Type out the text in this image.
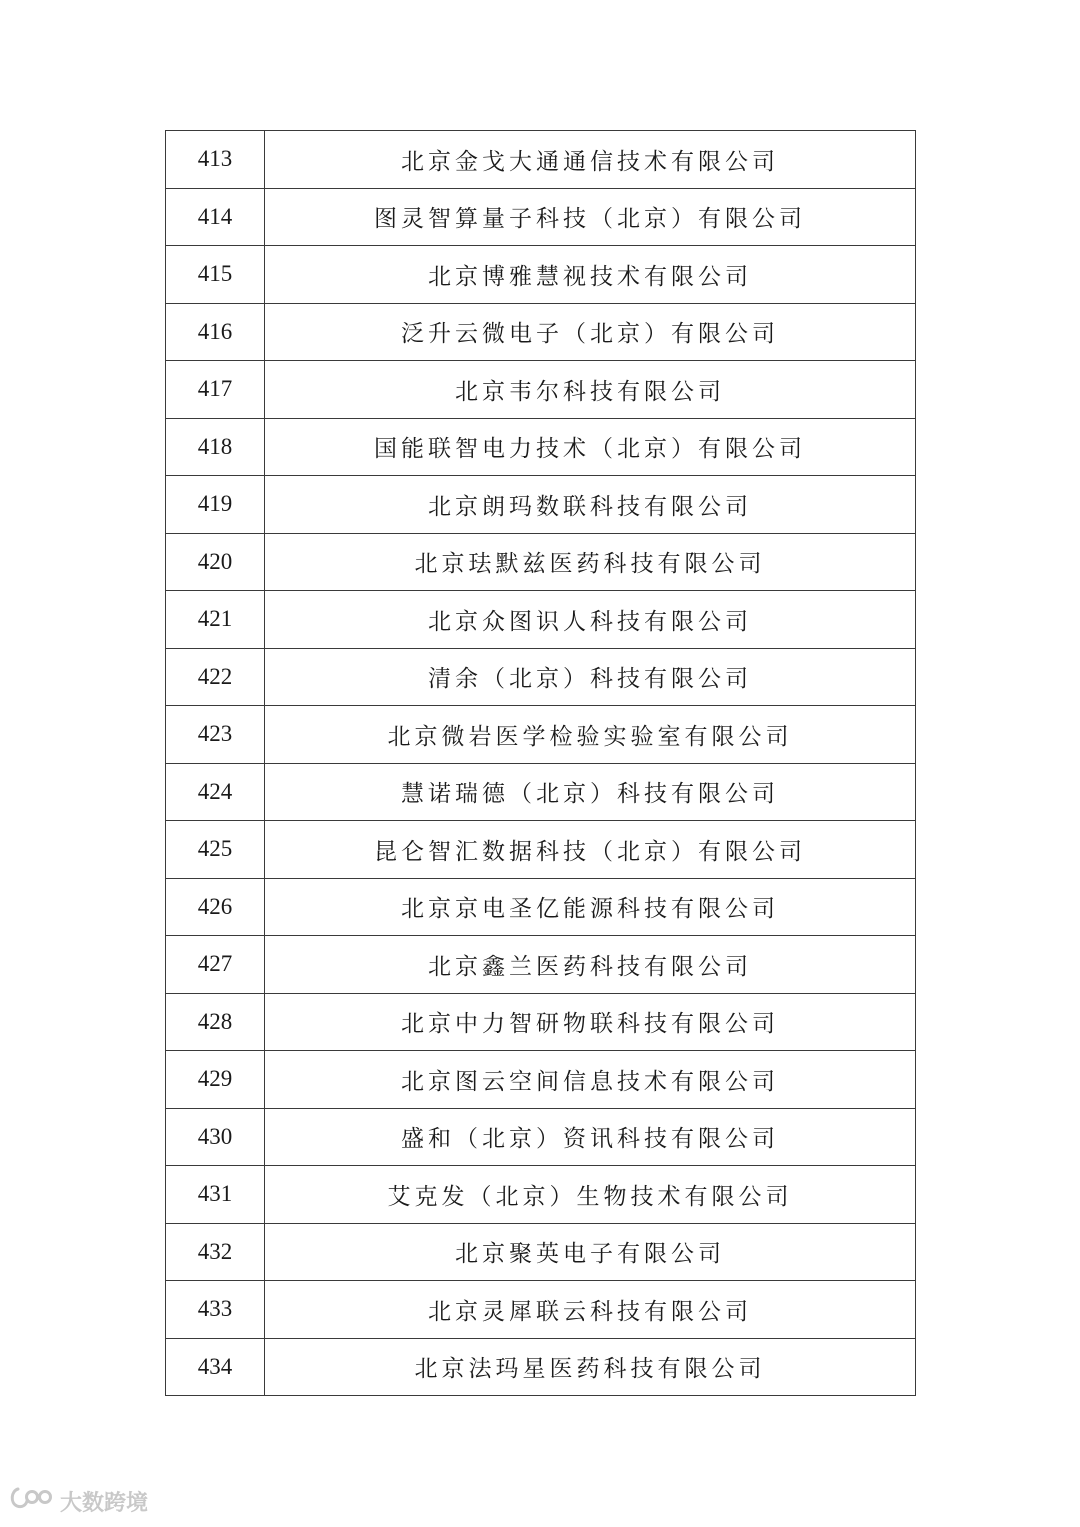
413	北京金戈大通通信技术有限公司
414	图灵智算量子科技（北京）有限公司
415	北京博雅慧视技术有限公司
416	泛升云微电子（北京）有限公司
417	北京韦尔科技有限公司
418	国能联智电力技术（北京）有限公司
419	北京朗玛数联科技有限公司
420	北京珐默兹医药科技有限公司
421	北京众图识人科技有限公司
422	清余（北京）科技有限公司
423	北京微岩医学检验实验室有限公司
424	慧诺瑞德（北京）科技有限公司
425	昆仑智汇数据科技（北京）有限公司
426	北京京电圣亿能源科技有限公司
427	北京鑫兰医药科技有限公司
428	北京中力智研物联科技有限公司
429	北京图云空间信息技术有限公司
430	盛和（北京）资讯科技有限公司
431	艾克发（北京）生物技术有限公司
432	北京聚英电子有限公司
433	北京灵犀联云科技有限公司
434	北京法玛星医药科技有限公司
大数跨境
